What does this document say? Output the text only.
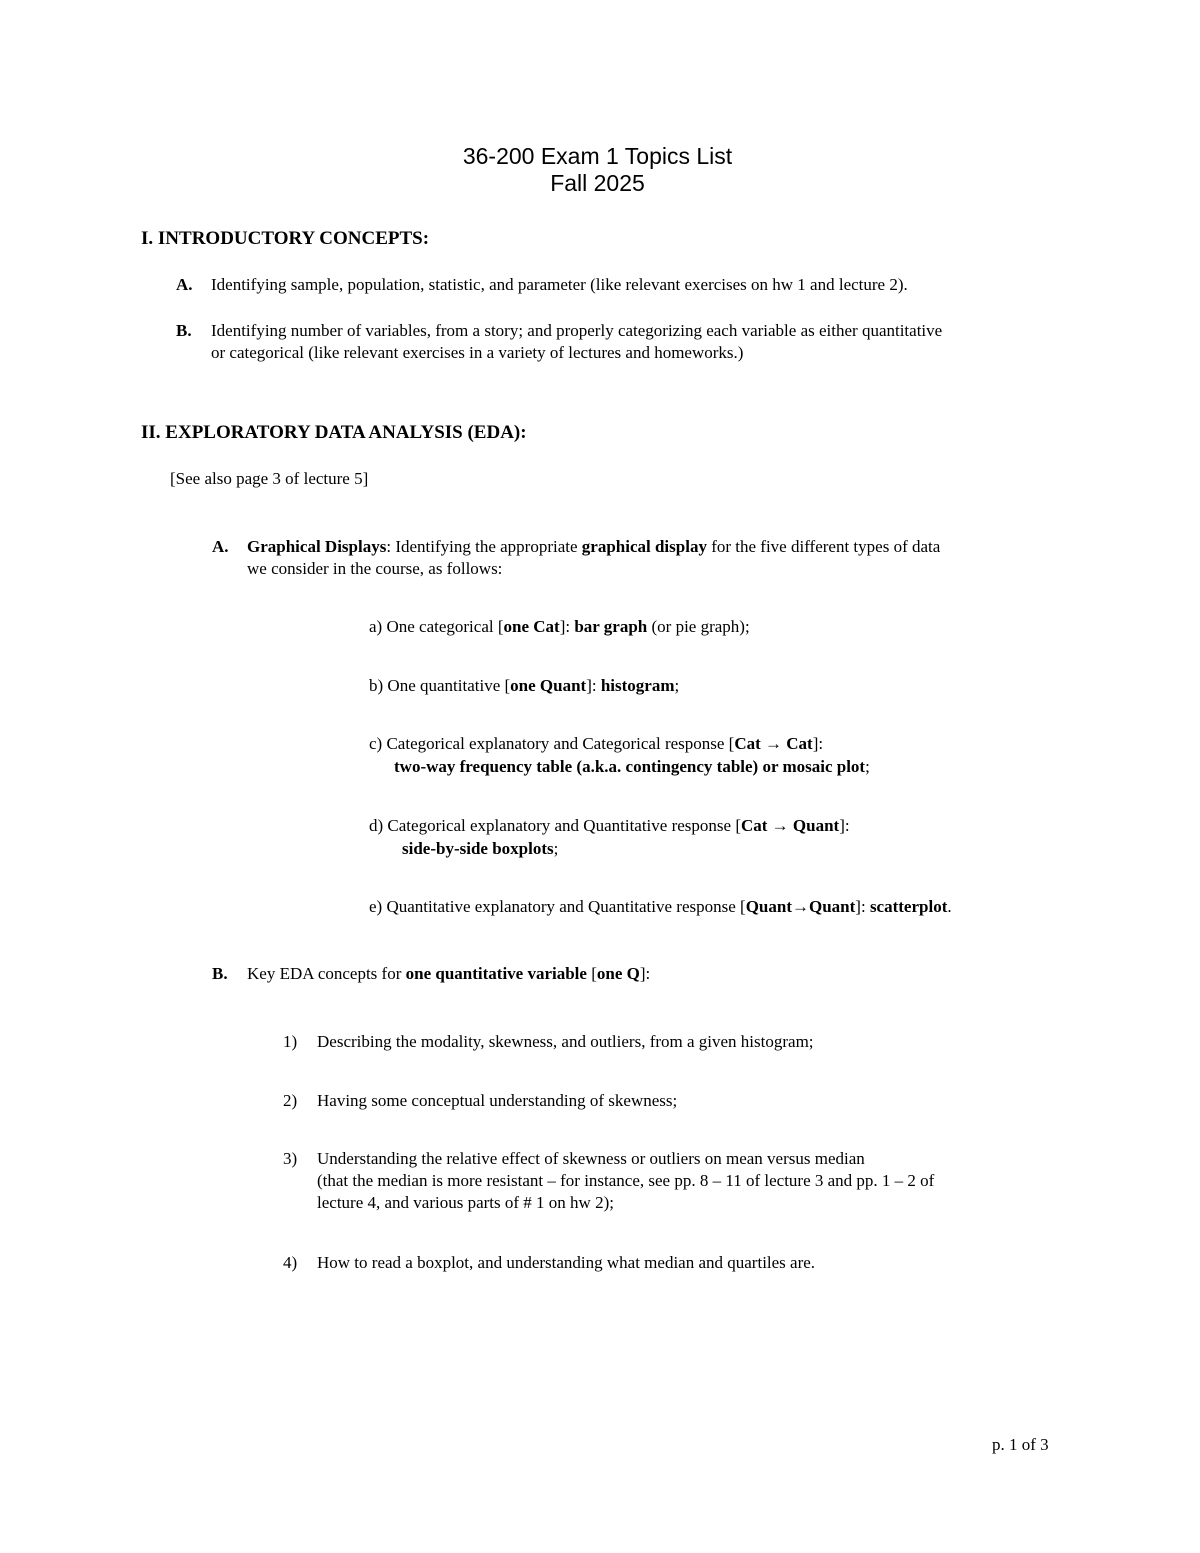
36-200 Exam 1 Topics List
Fall 2025
I. INTRODUCTORY CONCEPTS:
A. Identifying sample, population, statistic, and parameter (like relevant exercises on hw 1 and lecture 2).
B. Identifying number of variables, from a story; and properly categorizing each variable as either quantitative
or categorical (like relevant exercises in a variety of lectures and homeworks.)
II. EXPLORATORY DATA ANALYSIS (EDA):
[See also page 3 of lecture 5]
A. Graphical Displays: Identifying the appropriate graphical display for the five different types of data
we consider in the course, as follows:
a) One categorical [one Cat]: bar graph (or pie graph);
b) One quantitative [one Quant]: histogram;
c) Categorical explanatory and Categorical response [Cat → Cat]:
two-way frequency table (a.k.a. contingency table) or mosaic plot;
d) Categorical explanatory and Quantitative response [Cat → Quant]:
side-by-side boxplots;
e) Quantitative explanatory and Quantitative response [Quant→Quant]: scatterplot.
B. Key EDA concepts for one quantitative variable [one Q]:
1) Describing the modality, skewness, and outliers, from a given histogram;
2) Having some conceptual understanding of skewness;
3) Understanding the relative effect of skewness or outliers on mean versus median
(that the median is more resistant – for instance, see pp. 8 – 11 of lecture 3 and pp. 1 – 2 of
lecture 4, and various parts of # 1 on hw 2);
4) How to read a boxplot, and understanding what median and quartiles are.
p. 1 of 3
